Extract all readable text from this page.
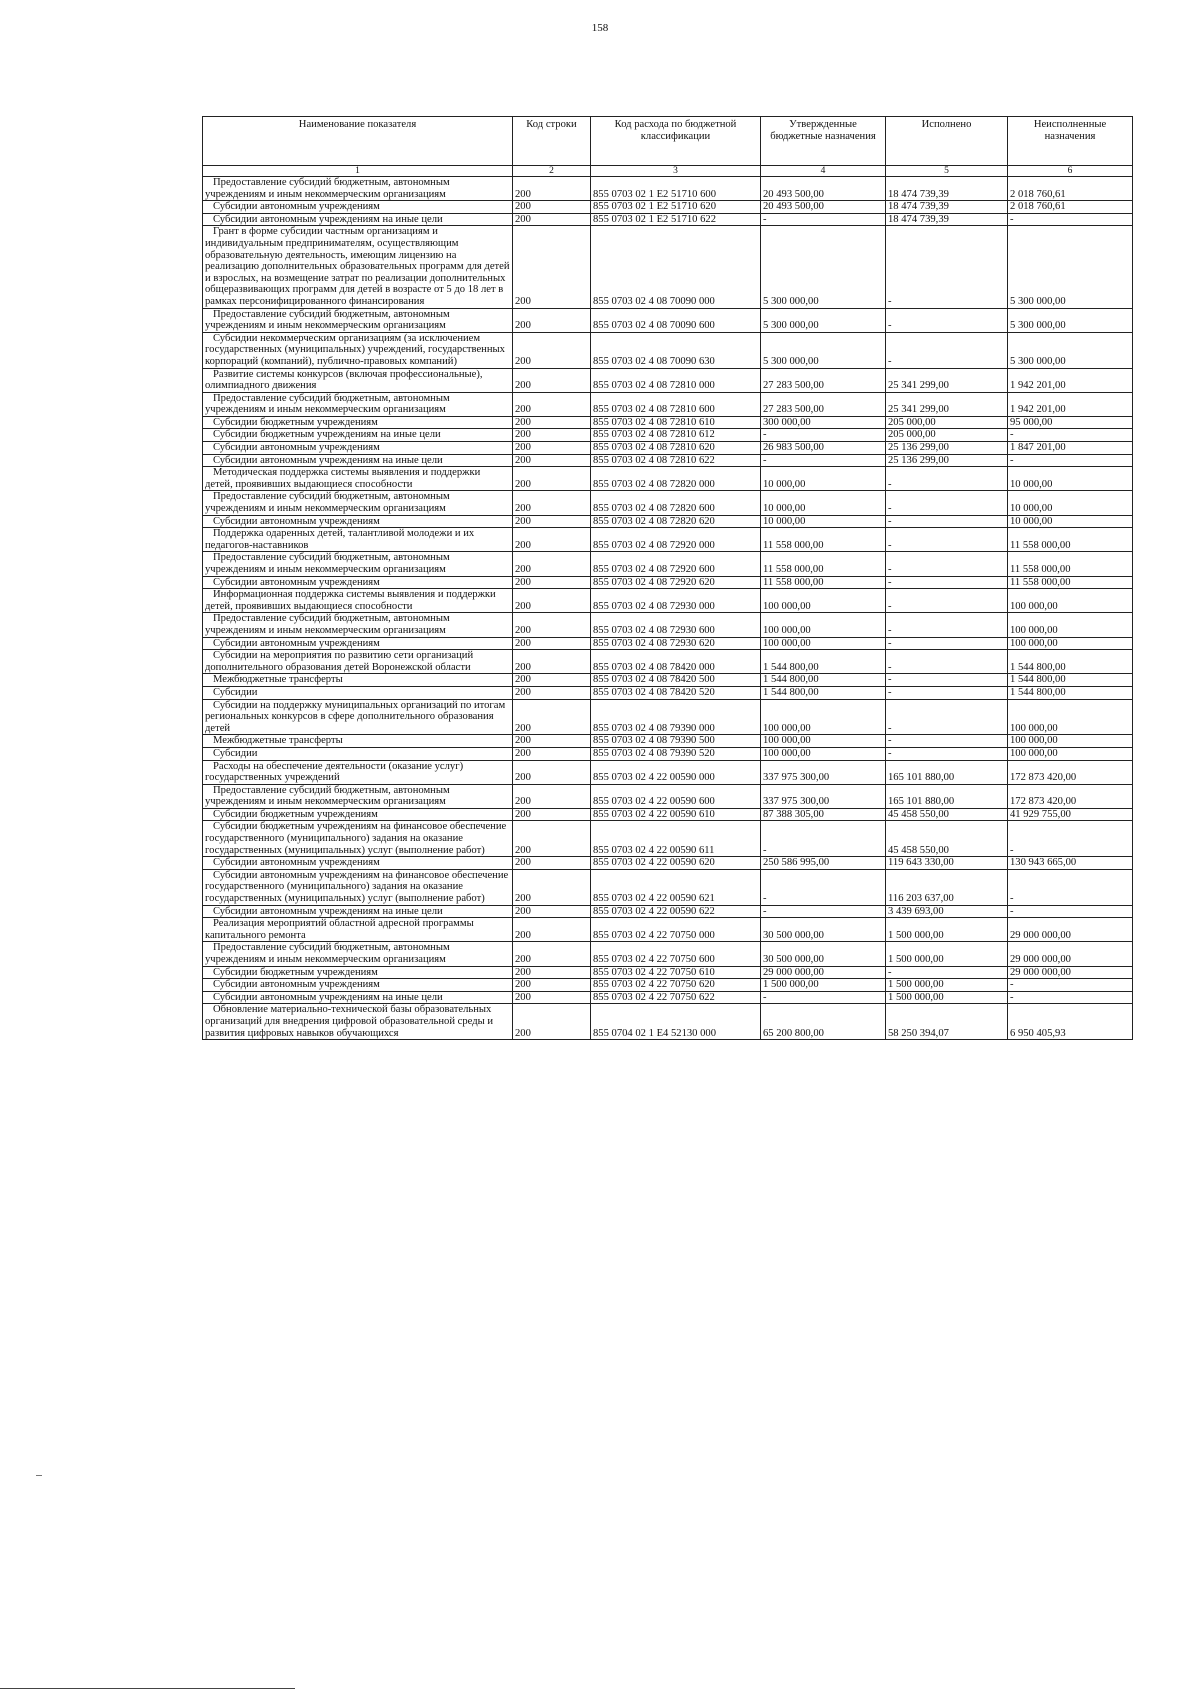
158
Наименование показателя	Код строки	Код расхода по бюджетной классификации	Утвержденные бюджетные назначения	Исполнено	Неисполненные назначения
1	2	3	4	5	6
Предоставление субсидий бюджетным, автономным учреждениям и иным некоммерческим организациям	200	855 0703 02 1 E2 51710 600	20 493 500,00	18 474 739,39	2 018 760,61
Субсидии автономным учреждениям	200	855 0703 02 1 E2 51710 620	20 493 500,00	18 474 739,39	2 018 760,61
Субсидии автономным учреждениям на иные цели	200	855 0703 02 1 E2 51710 622	-	18 474 739,39	-
Грант в форме субсидии частным организациям и индивидуальным предпринимателям, осуществляющим образовательную деятельность, имеющим лицензию на реализацию дополнительных образовательных программ для детей и взрослых, на возмещение затрат по реализации дополнительных общеразвивающих программ для детей в возрасте от 5 до 18 лет в рамках персонифицированного финансирования	200	855 0703 02 4 08 70090 000	5 300 000,00	-	5 300 000,00
Предоставление субсидий бюджетным, автономным учреждениям и иным некоммерческим организациям	200	855 0703 02 4 08 70090 600	5 300 000,00	-	5 300 000,00
Субсидии некоммерческим организациям (за исключением государственных (муниципальных) учреждений, государственных корпораций (компаний), публично-правовых компаний)	200	855 0703 02 4 08 70090 630	5 300 000,00	-	5 300 000,00
Развитие системы конкурсов (включая профессиональные), олимпиадного движения	200	855 0703 02 4 08 72810 000	27 283 500,00	25 341 299,00	1 942 201,00
Предоставление субсидий бюджетным, автономным учреждениям и иным некоммерческим организациям	200	855 0703 02 4 08 72810 600	27 283 500,00	25 341 299,00	1 942 201,00
Субсидии бюджетным учреждениям	200	855 0703 02 4 08 72810 610	300 000,00	205 000,00	95 000,00
Субсидии бюджетным учреждениям на иные цели	200	855 0703 02 4 08 72810 612	-	205 000,00	-
Субсидии автономным учреждениям	200	855 0703 02 4 08 72810 620	26 983 500,00	25 136 299,00	1 847 201,00
Субсидии автономным учреждениям на иные цели	200	855 0703 02 4 08 72810 622	-	25 136 299,00	-
Методическая поддержка системы выявления и поддержки детей, проявивших выдающиеся способности	200	855 0703 02 4 08 72820 000	10 000,00	-	10 000,00
Предоставление субсидий бюджетным, автономным учреждениям и иным некоммерческим организациям	200	855 0703 02 4 08 72820 600	10 000,00	-	10 000,00
Субсидии автономным учреждениям	200	855 0703 02 4 08 72820 620	10 000,00	-	10 000,00
Поддержка одаренных детей, талантливой молодежи и их педагогов-наставников	200	855 0703 02 4 08 72920 000	11 558 000,00	-	11 558 000,00
Предоставление субсидий бюджетным, автономным учреждениям и иным некоммерческим организациям	200	855 0703 02 4 08 72920 600	11 558 000,00	-	11 558 000,00
Субсидии автономным учреждениям	200	855 0703 02 4 08 72920 620	11 558 000,00	-	11 558 000,00
Информационная поддержка системы выявления и поддержки детей, проявивших выдающиеся способности	200	855 0703 02 4 08 72930 000	100 000,00	-	100 000,00
Предоставление субсидий бюджетным, автономным учреждениям и иным некоммерческим организациям	200	855 0703 02 4 08 72930 600	100 000,00	-	100 000,00
Субсидии автономным учреждениям	200	855 0703 02 4 08 72930 620	100 000,00	-	100 000,00
Субсидии на мероприятия по развитию сети организаций дополнительного образования детей Воронежской области	200	855 0703 02 4 08 78420 000	1 544 800,00	-	1 544 800,00
Межбюджетные трансферты	200	855 0703 02 4 08 78420 500	1 544 800,00	-	1 544 800,00
Субсидии	200	855 0703 02 4 08 78420 520	1 544 800,00	-	1 544 800,00
Субсидии на поддержку муниципальных организаций по итогам региональных конкурсов в сфере дополнительного образования детей	200	855 0703 02 4 08 79390 000	100 000,00	-	100 000,00
Межбюджетные трансферты	200	855 0703 02 4 08 79390 500	100 000,00	-	100 000,00
Субсидии	200	855 0703 02 4 08 79390 520	100 000,00	-	100 000,00
Расходы на обеспечение деятельности (оказание услуг) государственных учреждений	200	855 0703 02 4 22 00590 000	337 975 300,00	165 101 880,00	172 873 420,00
Предоставление субсидий бюджетным, автономным учреждениям и иным некоммерческим организациям	200	855 0703 02 4 22 00590 600	337 975 300,00	165 101 880,00	172 873 420,00
Субсидии бюджетным учреждениям	200	855 0703 02 4 22 00590 610	87 388 305,00	45 458 550,00	41 929 755,00
Субсидии бюджетным учреждениям на финансовое обеспечение государственного (муниципального) задания на оказание государственных (муниципальных) услуг (выполнение работ)	200	855 0703 02 4 22 00590 611	-	45 458 550,00	-
Субсидии автономным учреждениям	200	855 0703 02 4 22 00590 620	250 586 995,00	119 643 330,00	130 943 665,00
Субсидии автономным учреждениям на финансовое обеспечение государственного (муниципального) задания на оказание государственных (муниципальных) услуг (выполнение работ)	200	855 0703 02 4 22 00590 621	-	116 203 637,00	-
Субсидии автономным учреждениям на иные цели	200	855 0703 02 4 22 00590 622	-	3 439 693,00	-
Реализация мероприятий областной адресной программы капитального ремонта	200	855 0703 02 4 22 70750 000	30 500 000,00	1 500 000,00	29 000 000,00
Предоставление субсидий бюджетным, автономным учреждениям и иным некоммерческим организациям	200	855 0703 02 4 22 70750 600	30 500 000,00	1 500 000,00	29 000 000,00
Субсидии бюджетным учреждениям	200	855 0703 02 4 22 70750 610	29 000 000,00	-	29 000 000,00
Субсидии автономным учреждениям	200	855 0703 02 4 22 70750 620	1 500 000,00	1 500 000,00	-
Субсидии автономным учреждениям на иные цели	200	855 0703 02 4 22 70750 622	-	1 500 000,00	-
Обновление материально-технической базы образовательных организаций для внедрения цифровой образовательной среды и развития цифровых навыков обучающихся	200	855 0704 02 1 E4 52130 000	65 200 800,00	58 250 394,07	6 950 405,93
